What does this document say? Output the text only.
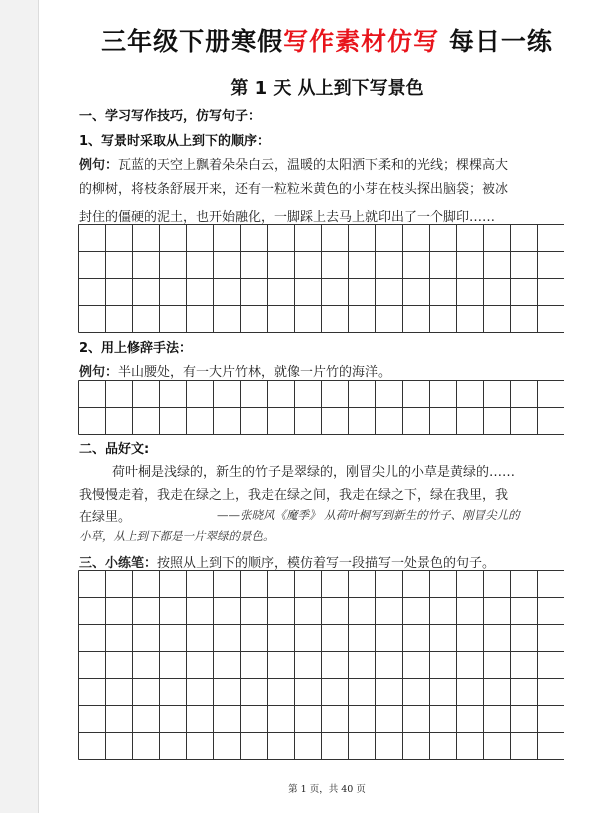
三年级下册寒假写作素材仿写 每日一练
第 1 天 从上到下写景色
一、学习写作技巧，仿写句子：
1、写景时采取从上到下的顺序：
例句：瓦蓝的天空上飘着朵朵白云，温暖的太阳洒下柔和的光线；棵棵高大
的柳树，将枝条舒展开来，还有一粒粒米黄色的小芽在枝头探出脑袋；被冰
封住的僵硬的泥土，也开始融化，一脚踩上去马上就印出了一个脚印……
2、用上修辞手法：
例句：半山腰处，有一大片竹林，就像一片竹的海洋。
二、品好文:
荷叶桐是浅绿的，新生的竹子是翠绿的，刚冒尖儿的小草是黄绿的……
我慢慢走着，我走在绿之上，我走在绿之间，我走在绿之下，绿在我里，我
在绿里。	——张晓风《魔季》 从荷叶桐写到新生的竹子、刚冒尖儿的
小草，从上到下都是一片翠绿的景色。
三、小练笔：按照从上到下的顺序，模仿着写一段描写一处景色的句子。
第 1 页，共 40 页
